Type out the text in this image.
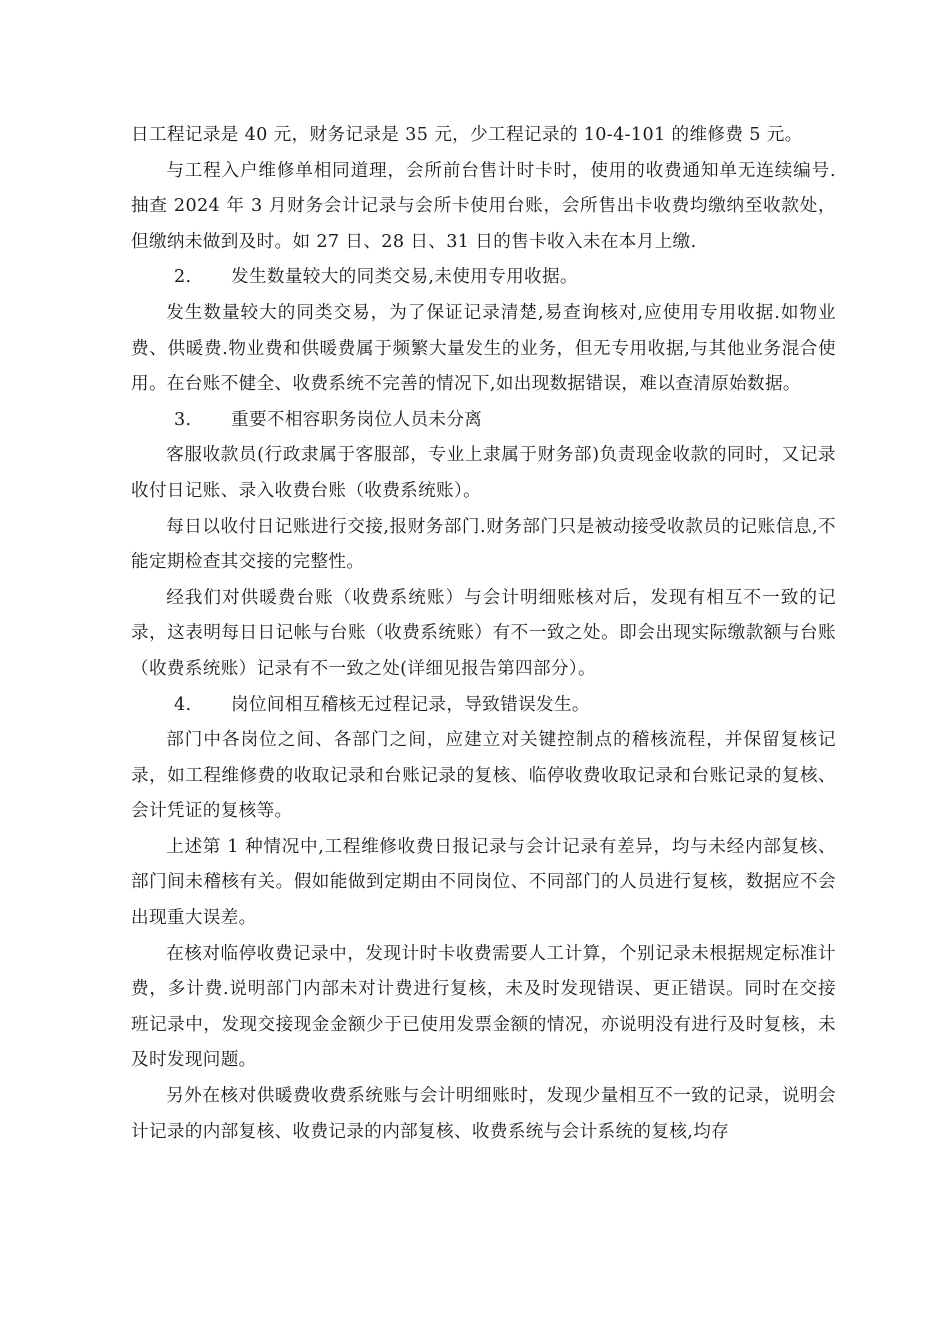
日工程记录是 40 元，财务记录是 35 元，少工程记录的 10-4-101 的维修费 5 元。

与工程入户维修单相同道理，会所前台售计时卡时，使用的收费通知单无连续编号.抽查 2024 年 3 月财务会计记录与会所卡使用台账，会所售出卡收费均缴纳至收款处，但缴纳未做到及时。如 27 日、28 日、31 日的售卡收入未在本月上缴.

2. 发生数量较大的同类交易,未使用专用收据。

发生数量较大的同类交易，为了保证记录清楚,易查询核对,应使用专用收据.如物业费、供暖费.物业费和供暖费属于频繁大量发生的业务，但无专用收据,与其他业务混合使用。在台账不健全、收费系统不完善的情况下,如出现数据错误，难以查清原始数据。

3. 重要不相容职务岗位人员未分离

客服收款员(行政隶属于客服部，专业上隶属于财务部)负责现金收款的同时，又记录收付日记账、录入收费台账（收费系统账）。

每日以收付日记账进行交接,报财务部门.财务部门只是被动接受收款员的记账信息,不能定期检查其交接的完整性。

经我们对供暖费台账（收费系统账）与会计明细账核对后，发现有相互不一致的记录，这表明每日日记帐与台账（收费系统账）有不一致之处。即会出现实际缴款额与台账（收费系统账）记录有不一致之处(详细见报告第四部分）。

4. 岗位间相互稽核无过程记录，导致错误发生。

部门中各岗位之间、各部门之间，应建立对关键控制点的稽核流程，并保留复核记录，如工程维修费的收取记录和台账记录的复核、临停收费收取记录和台账记录的复核、会计凭证的复核等。

上述第 1 种情况中,工程维修收费日报记录与会计记录有差异，均与未经内部复核、部门间未稽核有关。假如能做到定期由不同岗位、不同部门的人员进行复核，数据应不会出现重大误差。

在核对临停收费记录中，发现计时卡收费需要人工计算，个别记录未根据规定标准计费，多计费.说明部门内部未对计费进行复核，未及时发现错误、更正错误。同时在交接班记录中，发现交接现金金额少于已使用发票金额的情况，亦说明没有进行及时复核，未及时发现问题。

另外在核对供暖费收费系统账与会计明细账时，发现少量相互不一致的记录，说明会计记录的内部复核、收费记录的内部复核、收费系统与会计系统的复核,均存
